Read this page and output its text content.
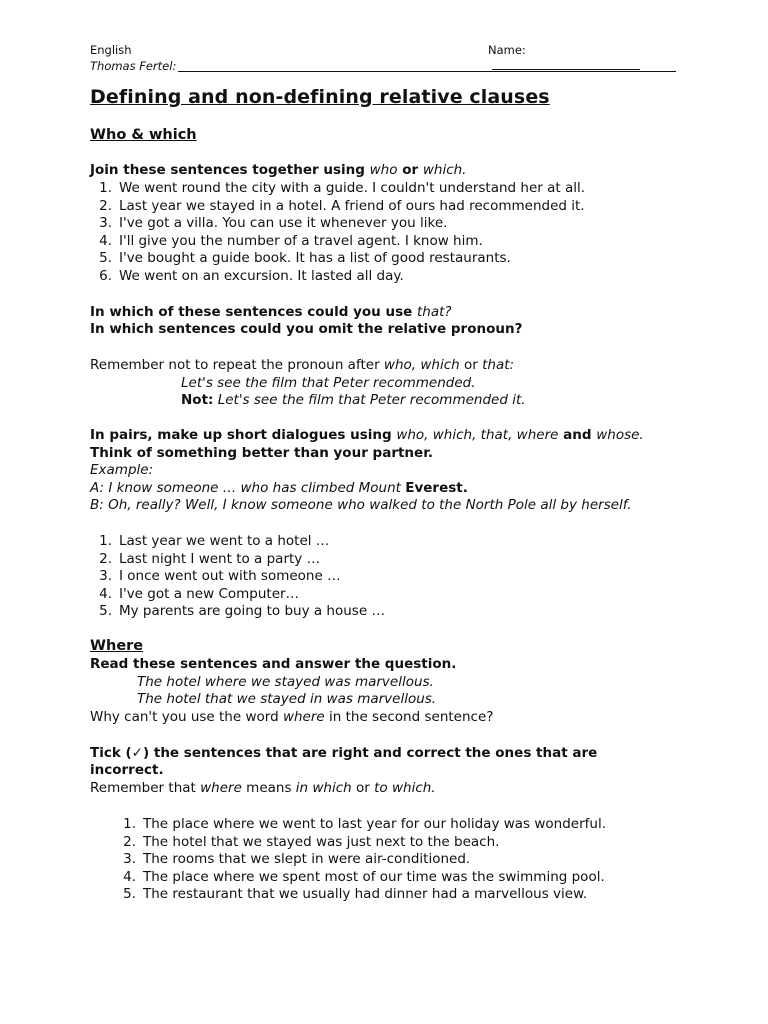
English	Name:
Thomas Fertel:
Defining and non-defining relative clauses
Who & which
Join these sentences together using who or which.
1. We went round the city with a guide. I couldn't understand her at all.
2. Last year we stayed in a hotel. A friend of ours had recommended it.
3. I've got a villa. You can use it whenever you like.
4. I'll give you the number of a travel agent. I know him.
5. I've bought a guide book. It has a list of good restaurants.
6. We went on an excursion. It lasted all day.
In which of these sentences could you use that?
In which sentences could you omit the relative pronoun?
Remember not to repeat the pronoun after who, which or that:
Let's see the film that Peter recommended.
Not: Let's see the film that Peter recommended it.
In pairs, make up short dialogues using who, which, that, where and whose.
Think of something better than your partner.
Example:
A: I know someone … who has climbed Mount Everest.
B: Oh, really? Well, I know someone who walked to the North Pole all by herself.
1. Last year we went to a hotel …
2. Last night I went to a party …
3. I once went out with someone …
4. I've got a new Computer…
5. My parents are going to buy a house …
Where
Read these sentences and answer the question.
The hotel where we stayed was marvellous.
The hotel that we stayed in was marvellous.
Why can't you use the word where in the second sentence?
Tick (✓) the sentences that are right and correct the ones that are
incorrect.
Remember that where means in which or to which.
1. The place where we went to last year for our holiday was wonderful.
2. The hotel that we stayed was just next to the beach.
3. The rooms that we slept in were air-conditioned.
4. The place where we spent most of our time was the swimming pool.
5. The restaurant that we usually had dinner had a marvellous view.
